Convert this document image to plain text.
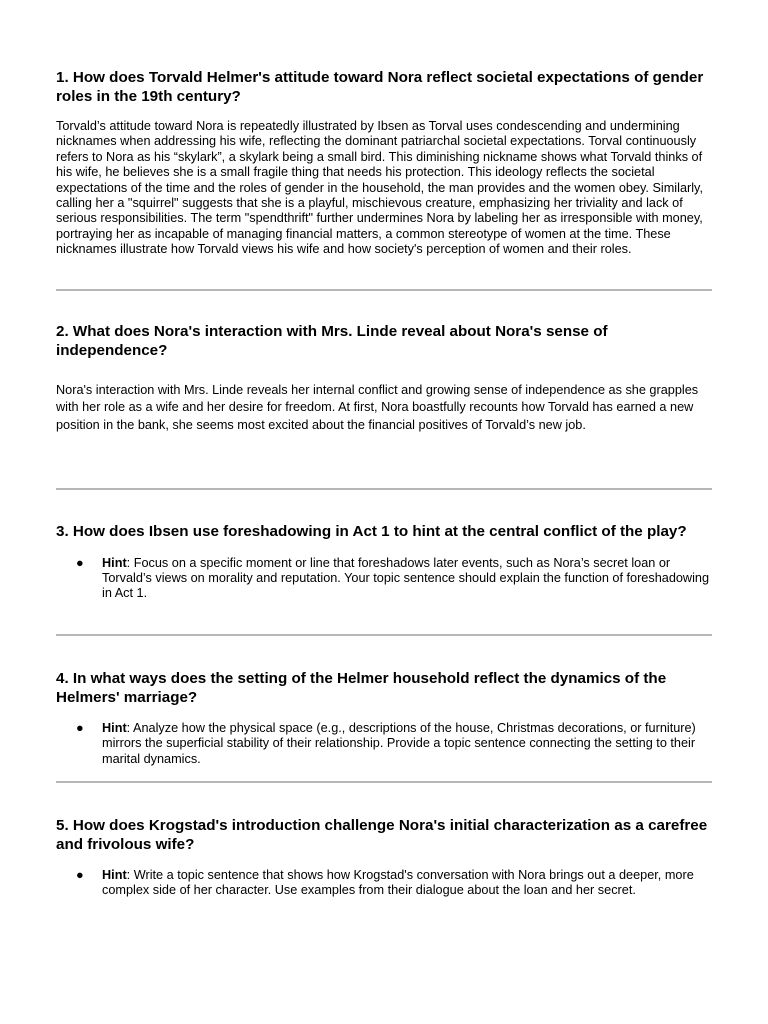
1. How does Torvald Helmer's attitude toward Nora reflect societal expectations of gender roles in the 19th century?

Torvald’s attitude toward Nora is repeatedly illustrated by Ibsen as Torval uses condescending and undermining nicknames when addressing his wife, reflecting the dominant patriarchal societal expectations. Torval continuously refers to Nora as his “skylark”, a skylark being a small bird. This diminishing nickname shows what Torvald thinks of his wife, he believes she is a small fragile thing that needs his protection. This ideology reflects the societal expectations of the time and the roles of gender in the household, the man provides and the women obey. Similarly, calling her a "squirrel" suggests that she is a playful, mischievous creature, emphasizing her triviality and lack of serious responsibilities. The term "spendthrift" further undermines Nora by labeling her as irresponsible with money, portraying her as incapable of managing financial matters, a common stereotype of women at the time. These nicknames illustrate how Torvald views his wife and how society's perception of women and their roles.

2. What does Nora's interaction with Mrs. Linde reveal about Nora's sense of independence?

Nora's interaction with Mrs. Linde reveals her internal conflict and growing sense of independence as she grapples with her role as a wife and her desire for freedom. At first, Nora boastfully recounts how Torvald has earned a new position in the bank, she seems most excited about the financial positives of Torvald’s new job.

3. How does Ibsen use foreshadowing in Act 1 to hint at the central conflict of the play?
● Hint: Focus on a specific moment or line that foreshadows later events, such as Nora’s secret loan or Torvald’s views on morality and reputation. Your topic sentence should explain the function of foreshadowing in Act 1.
4. In what ways does the setting of the Helmer household reflect the dynamics of the Helmers' marriage?
● Hint: Analyze how the physical space (e.g., descriptions of the house, Christmas decorations, or furniture) mirrors the superficial stability of their relationship. Provide a topic sentence connecting the setting to their marital dynamics.
5. How does Krogstad's introduction challenge Nora's initial characterization as a carefree and frivolous wife?
● Hint: Write a topic sentence that shows how Krogstad's conversation with Nora brings out a deeper, more complex side of her character. Use examples from their dialogue about the loan and her secret.
